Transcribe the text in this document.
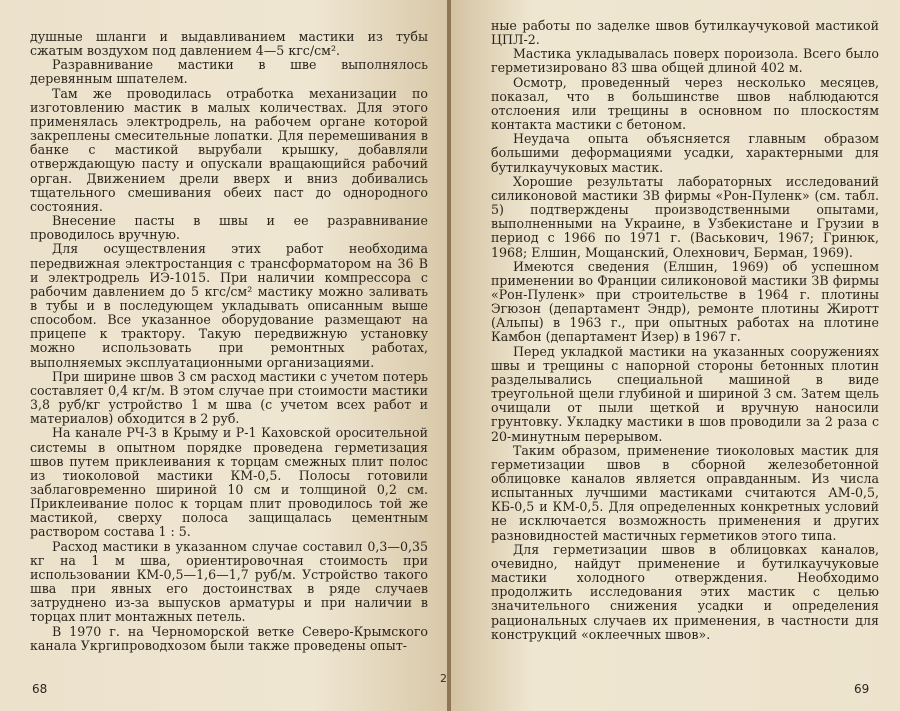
душные шланги и выдавливанием мастики из тубы сжатым воздухом под давлением 4—5 кгс/см².

Разравнивание мастики в шве выполнялось деревянным шпателем.

Там же проводилась отработка механизации по изготовлению мастик в малых количествах. Для этого применялась электродрель, на рабочем органе которой закреплены смесительные лопатки. Для перемешивания в банке с мастикой вырубали крышку, добавляли отверждающую пасту и опускали вращающийся рабочий орган. Движением дрели вверх и вниз добивались тщательного смешивания обеих паст до однородного состояния.

Внесение пасты в швы и ее разравнивание проводилось вручную.

Для осуществления этих работ необходима передвижная электростанция с трансформатором на 36 В и электродрель ИЭ-1015. При наличии компрессора с рабочим давлением до 5 кгс/см² мастику можно заливать в тубы и в последующем укладывать описанным выше способом. Все указанное оборудование размещают на прицепе к трактору. Такую передвижную установку можно использовать при ремонтных работах, выполняемых эксплуатационными организациями.

При ширине швов 3 см расход мастики с учетом потерь составляет 0,4 кг/м. В этом случае при стоимости мастики 3,8 руб/кг устройство 1 м шва (с учетом всех работ и материалов) обходится в 2 руб.

На канале РЧ-3 в Крыму и Р-1 Каховской оросительной системы в опытном порядке проведена герметизация швов путем приклеивания к торцам смежных плит полос из тиоколовой мастики КМ-0,5. Полосы готовили заблаговременно шириной 10 см и толщиной 0,2 см. Приклеивание полос к торцам плит проводилось той же мастикой, сверху полоса защищалась цементным раствором состава 1 : 5.

Расход мастики в указанном случае составил 0,3—0,35 кг на 1 м шва, ориентировочная стоимость при использовании КМ-0,5—1,6—1,7 руб/м. Устройство такого шва при явных его достоинствах в ряде случаев затруднено из-за выпусков арматуры и при наличии в торцах плит монтажных петель.

В 1970 г. на Черноморской ветке Северо-Крымского канала Укргипроводхозом были также проведены опыт-

68
2

ные работы по заделке швов бутилкаучуковой мастикой ЦПЛ-2.

Мастика укладывалась поверх пороизола. Всего было герметизировано 83 шва общей длиной 402 м.

Осмотр, проведенный через несколько месяцев, показал, что в большинстве швов наблюдаются отслоения или трещины в основном по плоскостям контакта мастики с бетоном.

Неудача опыта объясняется главным образом большими деформациями усадки, характерными для бутилкаучуковых мастик.

Хорошие результаты лабораторных исследований силиконовой мастики ЗВ фирмы «Рон-Пуленк» (см. табл. 5) подтверждены производственными опытами, выполненными на Украине, в Узбекистане и Грузии в период с 1966 по 1971 г. (Васькович, 1967; Гринюк, 1968; Елшин, Мощанский, Олехнович, Берман, 1969).

Имеются сведения (Елшин, 1969) об успешном применении во Франции силиконовой мастики ЗВ фирмы «Рон-Пуленк» при строительстве в 1964 г. плотины Эгюзон (департамент Эндр), ремонте плотины Жиротт (Альпы) в 1963 г., при опытных работах на плотине Камбон (департамент Изер) в 1967 г.

Перед укладкой мастики на указанных сооружениях швы и трещины с напорной стороны бетонных плотин разделывались специальной машиной в виде треугольной щели глубиной и шириной 3 см. Затем щель очищали от пыли щеткой и вручную наносили грунтовку. Укладку мастики в шов проводили за 2 раза с 20-минутным перерывом.

Таким образом, применение тиоколовых мастик для герметизации швов в сборной железобетонной облицовке каналов является оправданным. Из числа испытанных лучшими мастиками считаются АМ-0,5, КБ-0,5 и КМ-0,5. Для определенных конкретных условий не исключается возможность применения и других разновидностей мастичных герметиков этого типа.

Для герметизации швов в облицовках каналов, очевидно, найдут применение и бутилкаучуковые мастики холодного отверждения. Необходимо продолжить исследования этих мастик с целью значительного снижения усадки и определения рациональных случаев их применения, в частности для конструкций «оклеечных швов».

69
